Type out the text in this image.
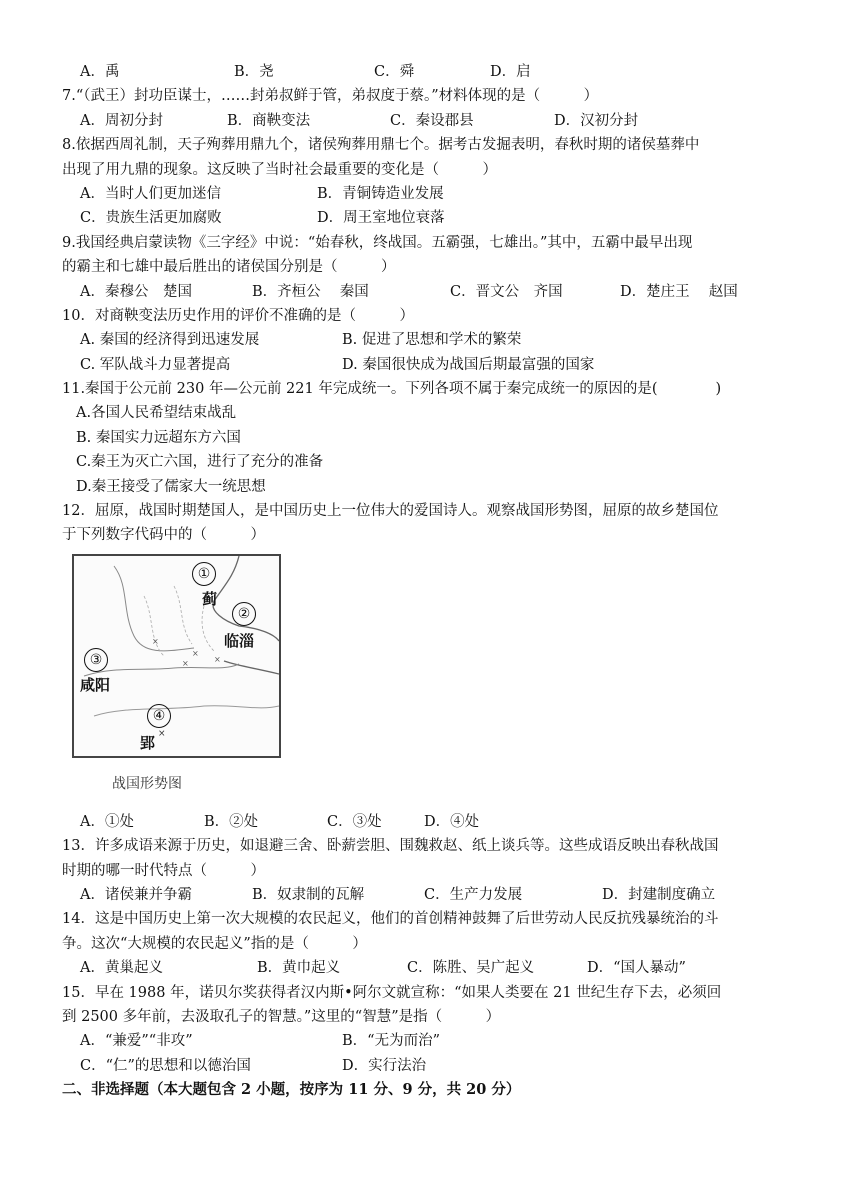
A．禹	B．尧	C．舜	D．启
7.“（武王）封功臣谋士，……封弟叔鲜于管，弟叔度于蔡。”材料体现的是（　　　）
A．周初分封	B．商鞅变法	C．秦设郡县	D．汉初分封
8.依据西周礼制，天子殉葬用鼎九个，诸侯殉葬用鼎七个。据考古发掘表明，春秋时期的诸侯墓葬中
出现了用九鼎的现象。这反映了当时社会最重要的变化是（　　　）
A．当时人们更加迷信	B．青铜铸造业发展
C．贵族生活更加腐败	D．周王室地位衰落
9.我国经典启蒙读物《三字经》中说：“始春秋，终战国。五霸强，七雄出。”其中，五霸中最早出现
的霸主和七雄中最后胜出的诸侯国分别是（　　　）
A．秦穆公　楚国	B．齐桓公　 秦国	C．晋文公　齐国	D．楚庄王　 赵国
10．对商鞅变法历史作用的评价不准确的是（　　　）
A. 秦国的经济得到迅速发展	B. 促进了思想和学术的繁荣
C. 军队战斗力显著提高	D. 秦国很快成为战国后期最富强的国家
11.秦国于公元前 230 年—公元前 221 年完成统一。下列各项不属于秦完成统一的原因的是(　　　　)
A.各国人民希望结束战乱
B. 秦国实力远超东方六国
C.秦王为灭亡六国，进行了充分的准备
D.秦王接受了儒家大一统思想
12．屈原，战国时期楚国人，是中国历史上一位伟大的爱国诗人。观察战国形势图，屈原的故乡楚国位
于下列数字代码中的（　　　）
×
×
×	×
×
①
蓟
②
临淄
③
咸阳
④
郢
战国形势图
A．①处	B．②处	C．③处	D．④处
13．许多成语来源于历史，如退避三舍、卧薪尝胆、围魏救赵、纸上谈兵等。这些成语反映出春秋战国
时期的哪一时代特点（　　　）
A．诸侯兼并争霸	B．奴隶制的瓦解	C．生产力发展	D．封建制度确立
14．这是中国历史上第一次大规模的农民起义，他们的首创精神鼓舞了后世劳动人民反抗残暴统治的斗
争。这次“大规模的农民起义”指的是（　　　）
A．黄巢起义	B．黄巾起义	C．陈胜、吴广起义	D．“国人暴动”
15．早在 1988 年，诺贝尔奖获得者汉内斯•阿尔文就宣称：“如果人类要在 21 世纪生存下去，必须回
到 2500 多年前，去汲取孔子的智慧。”这里的“智慧”是指（　　　）
A．“兼爱”“非攻”	B．“无为而治”
C．“仁”的思想和以德治国	D．实行法治
二、非选择题（本大题包含 2 小题，按序为 11 分、9 分，共 20 分）
